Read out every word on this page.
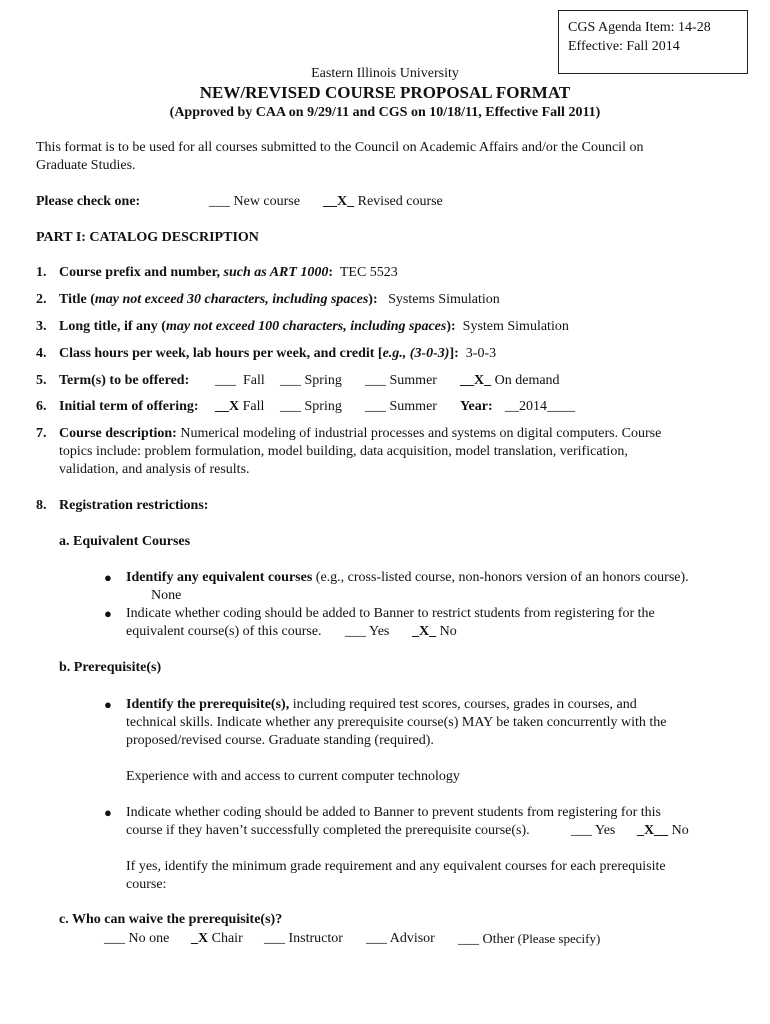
CGS Agenda Item: 14-28
Effective: Fall 2014
Eastern Illinois University
NEW/REVISED COURSE PROPOSAL FORMAT
(Approved by CAA on 9/29/11 and CGS on 10/18/11, Effective Fall 2011)
This format is to be used for all courses submitted to the Council on Academic Affairs and/or the Council on
Graduate Studies.
Please check one:	___ New course __X_ Revised course
PART I: CATALOG DESCRIPTION
1. Course prefix and number, such as ART 1000:  TEC 5523
2. Title (may not exceed 30 characters, including spaces):   Systems Simulation
3. Long title, if any (may not exceed 100 characters, including spaces):  System Simulation
4. Class hours per week, lab hours per week, and credit [e.g., (3-0-3)]:  3-0-3
5. Term(s) to be offered: ___  Fall ___ Spring ___ Summer __X_ On demand
6. Initial term of offering: __X Fall ___ Spring ___ Summer Year: __2014____
7. Course description: Numerical modeling of industrial processes and systems on digital computers. Course
topics include: problem formulation, model building, data acquisition, model translation, verification,
validation, and analysis of results.
8. Registration restrictions:
a. Equivalent Courses
● Identify any equivalent courses (e.g., cross-listed course, non-honors version of an honors course).
None
● Indicate whether coding should be added to Banner to restrict students from registering for the
equivalent course(s) of this course. ___ Yes _X_ No
b. Prerequisite(s)
● Identify the prerequisite(s), including required test scores, courses, grades in courses, and
technical skills. Indicate whether any prerequisite course(s) MAY be taken concurrently with the
proposed/revised course. Graduate standing (required).
Experience with and access to current computer technology
● Indicate whether coding should be added to Banner to prevent students from registering for this
course if they haven’t successfully completed the prerequisite course(s).	___ Yes _X__ No
If yes, identify the minimum grade requirement and any equivalent courses for each prerequisite
course:
c. Who can waive the prerequisite(s)?
___ No one _X Chair ___ Instructor ___ Advisor ___ Other (Please specify)
